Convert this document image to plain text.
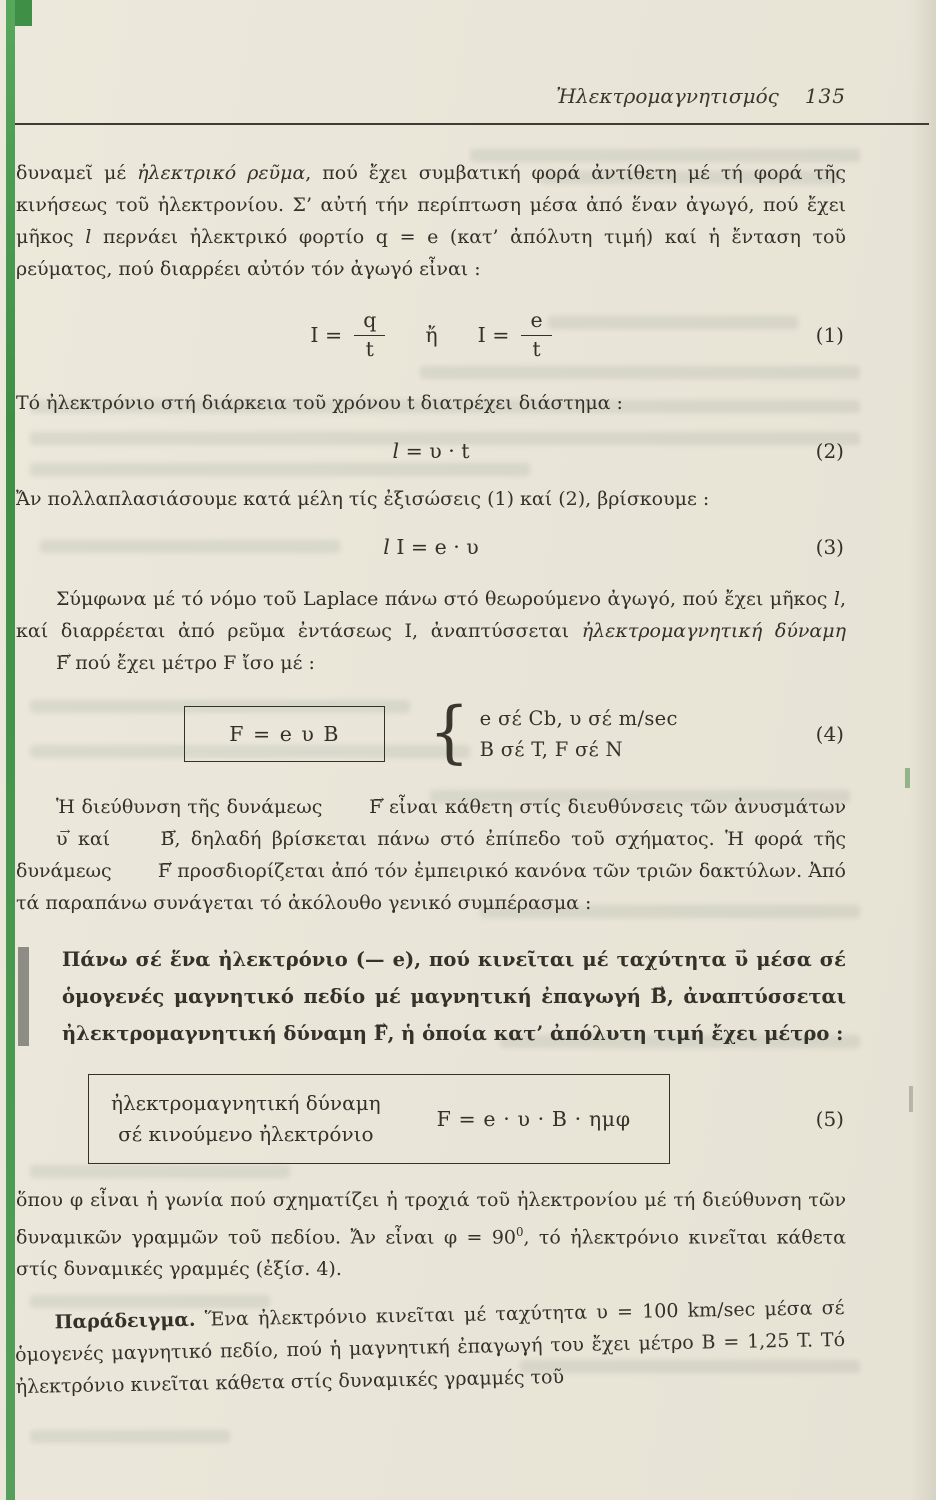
Ἠλεκτρομαγνητισμός 135

δυναμεῖ μέ ἠλεκτρικό ρεῦμα, πού ἔχει συμβατική φορά ἀντίθετη μέ τή φορά τῆς κινήσεως τοῦ ἠλεκτρονίου. Σ’ αὐτή τήν περίπτωση μέσα ἀπό ἕναν ἀγωγό, πού ἔχει μῆκος l περνάει ἠλεκτρικό φορτίο q = e (κατ’ ἀπόλυτη τιμή) καί ἡ ἔνταση τοῦ ρεύματος, πού διαρρέει αὐτόν τόν ἀγωγό εἶναι :

$I = \frac{q}{t}$ ἤ $I = \frac{e}{t}$	(1)

Τό ἠλεκτρόνιο στή διάρκεια τοῦ χρόνου t διατρέχει διάστημα :

l = υ · t	(2)

Ἄν πολλαπλασιάσουμε κατά μέλη τίς ἐξισώσεις (1) καί (2), βρίσκουμε :

l I = e · υ	(3)

Σύμφωνα μέ τό νόμο τοῦ Laplace πάνω στό θεωρούμενο ἀγωγό, πού ἔχει μῆκος l, καί διαρρέεται ἀπό ρεῦμα ἐντάσεως I, ἀναπτύσσεται ἠλεκτρομαγνητική δύναμη F → πού ἔχει μέτρο F ἴσο μέ :

F = e υ B	{ e σέ Cb, υ σέ m/sec
B σέ T, F σέ N
(4)

Ἡ διεύθυνση τῆς δυνάμεως F → εἶναι κάθετη στίς διευθύνσεις τῶν ἀνυσμάτων υ → καί B →, δηλαδή βρίσκεται πάνω στό ἐπίπεδο τοῦ σχήματος. Ἡ φορά τῆς δυνάμεως F → προσδιορίζεται ἀπό τόν ἐμπειρικό κανόνα τῶν τριῶν δακτύλων. Ἀπό τά παραπάνω συνάγεται τό ἀκόλουθο γενικό συμπέρασμα :

Πάνω σέ ἕνα ἠλεκτρόνιο (— e), πού κινεῖται μέ ταχύτητα υ → μέσα σέ ὁμογενές μαγνητικό πεδίο μέ μαγνητική ἐπαγωγή B →, ἀναπτύσσεται ἠλεκτρομαγνητική δύναμη F →, ἡ ὁποία κατ’ ἀπόλυτη τιμή ἔχει μέτρο :
ἠλεκτρομαγνητική δύναμη
σέ κινούμενο ἠλεκτρόνιο
F = e · υ · B · ημφ	(5)

ὅπου φ εἶναι ἡ γωνία πού σχηματίζει ἡ τροχιά τοῦ ἠλεκτρονίου μέ τή διεύθυνση τῶν δυναμικῶν γραμμῶν τοῦ πεδίου. Ἄν εἶναι $\varphi = 90^0$, τό ἠλεκτρόνιο κινεῖται κάθετα στίς δυναμικές γραμμές (ἐξίσ. 4).

Παράδειγμα. Ἕνα ἠλεκτρόνιο κινεῖται μέ ταχύτητα υ = 100 km/sec μέσα σέ ὁμογενές μαγνητικό πεδίο, πού ἡ μαγνητική ἐπαγωγή του ἔχει μέτρο B = 1,25 T. Τό ἠλεκτρόνιο κινεῖται κάθετα στίς δυναμικές γραμμές τοῦ
